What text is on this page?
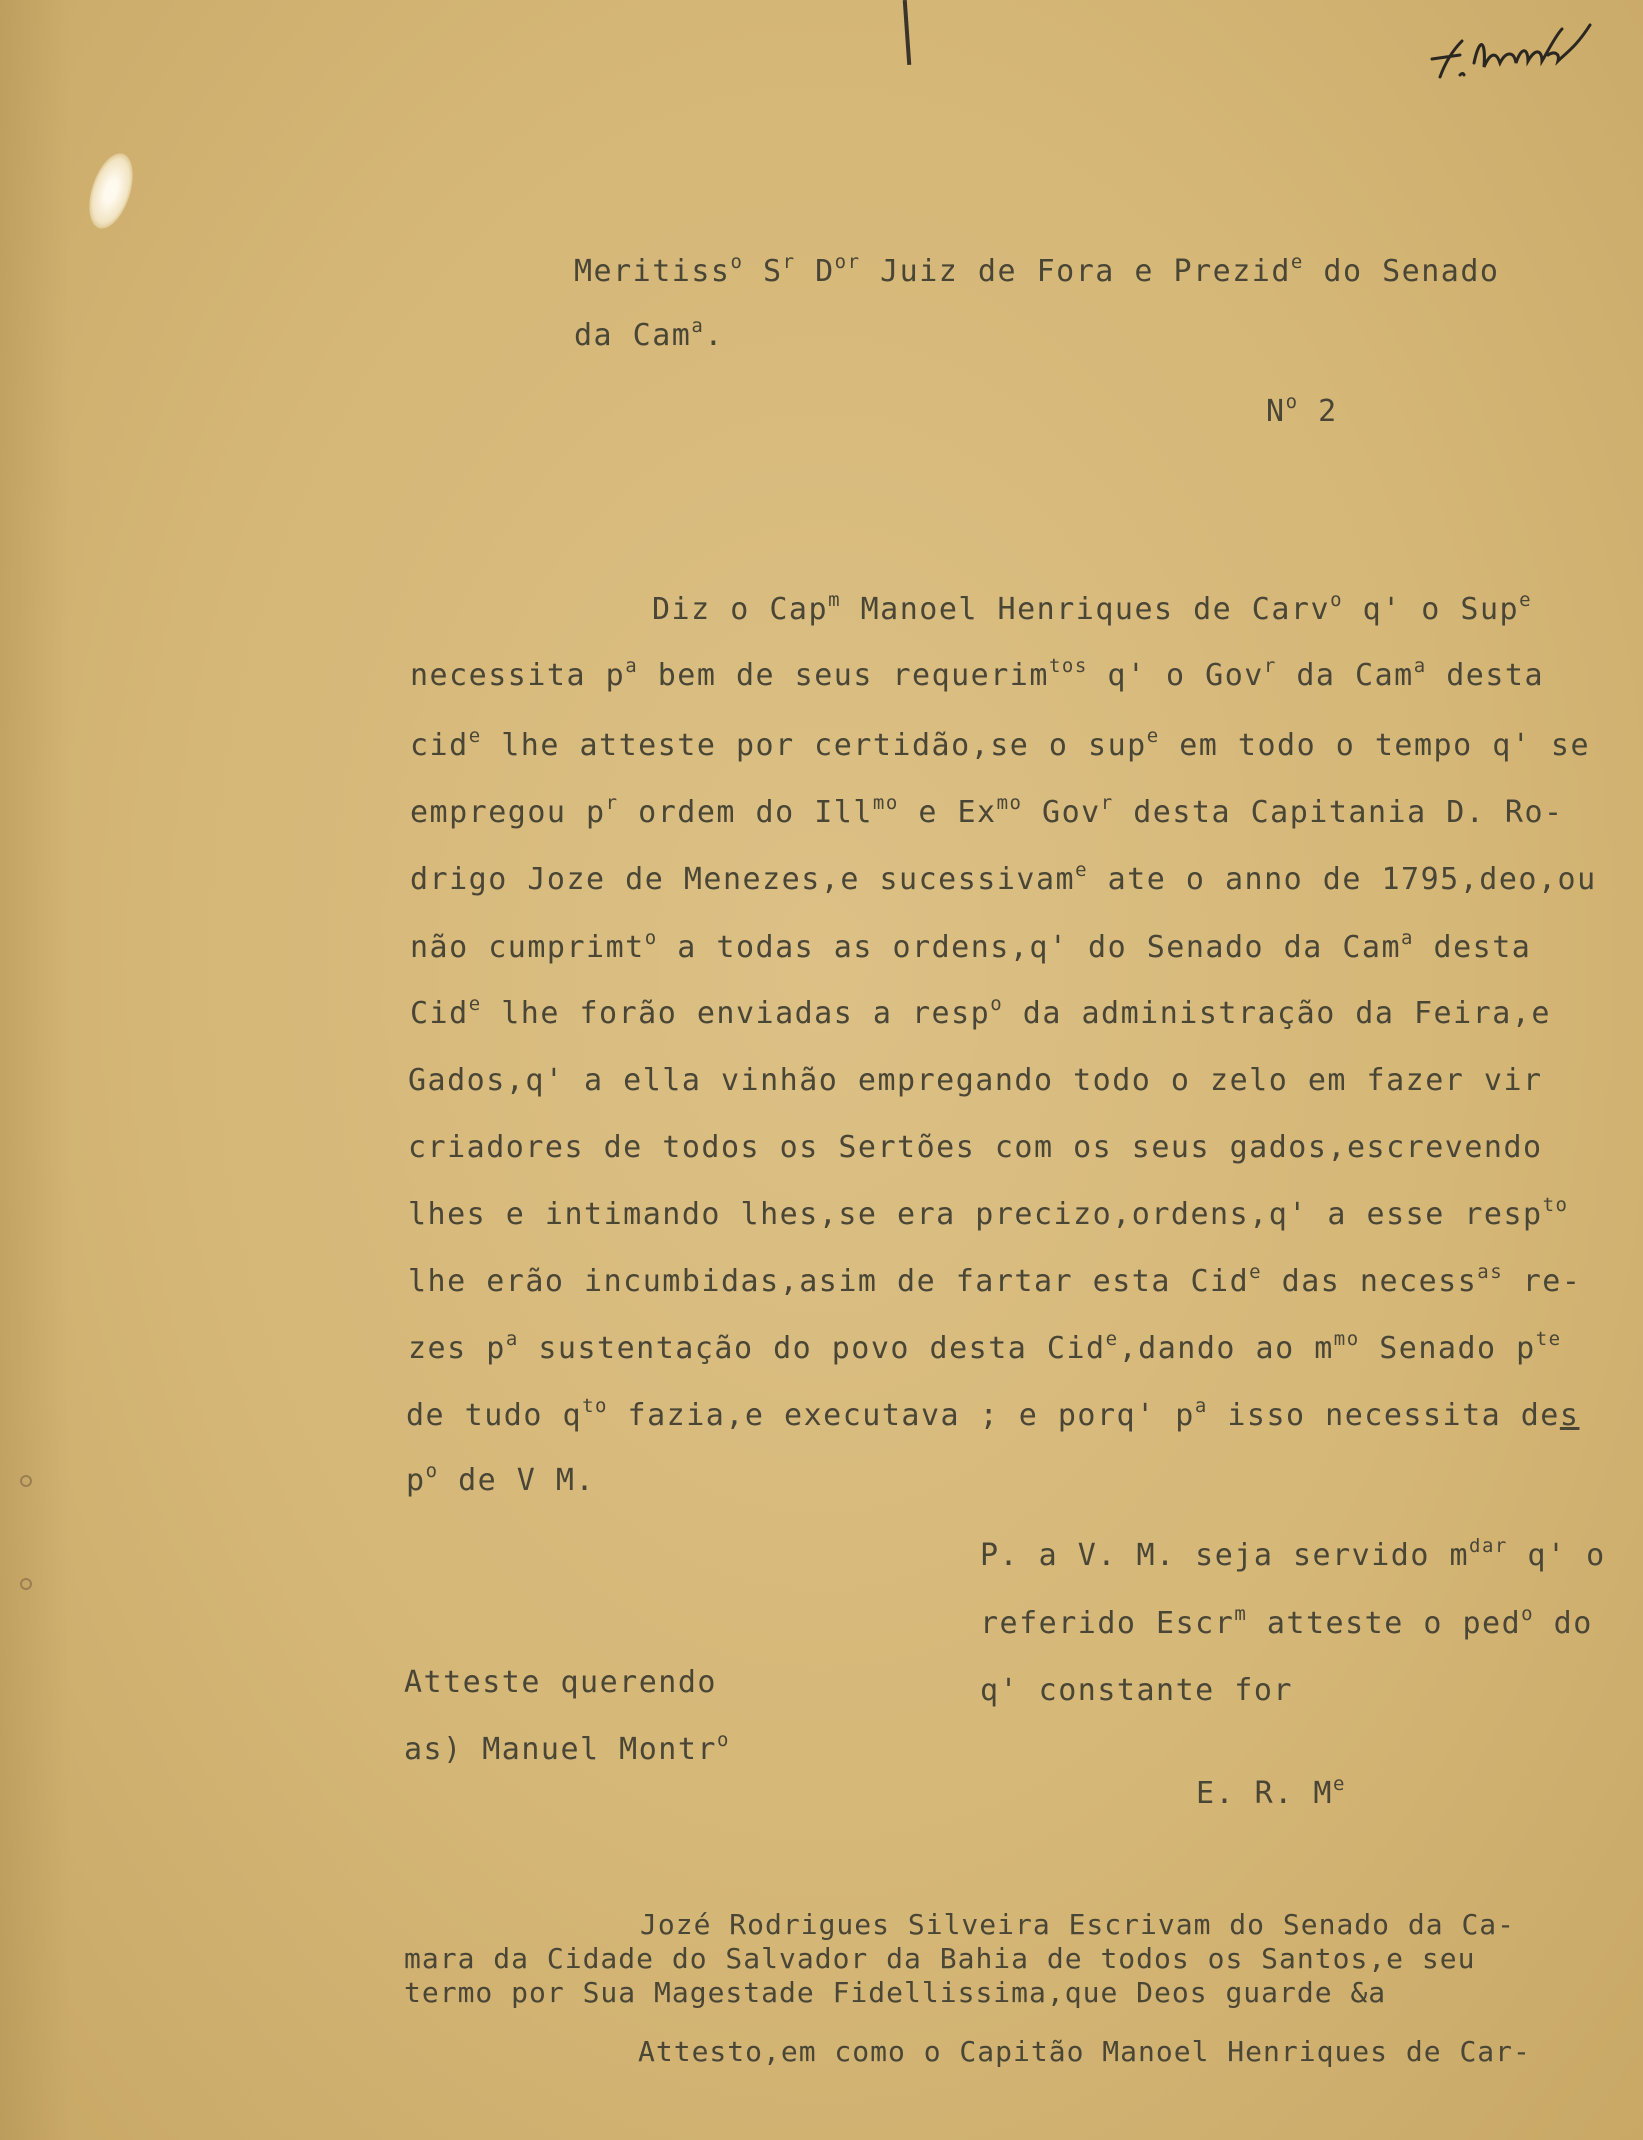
Meritiss$^o$ $S^r$ $D^{or}$ Juiz de Fora e Prezid$^e$ do Senado
da Cam$^a$.
$N^o$ 2
Diz o Cap$^m$ Manoel Henriques de Carv$^o$ q' o Sup$^e$
necessita $p^a$ bem de seus requerim$^{tos}$ q' o Gov$^r$ da Cam$^a$ desta
cid$^e$ lhe atteste por certidão,se o sup$^e$ em todo o tempo q' se
empregou $p^r$ ordem do Ill$^{mo}$ e $Ex^{mo}$ Gov$^r$ desta Capitania D. Ro-
drigo Joze de Menezes,e sucessivam$^e$ ate o anno de 1795,deo,ou
não cumprimt$^o$ a todas as ordens,q' do Senado da Cam$^a$ desta
Cid$^e$ lhe forão enviadas a resp$^o$ da administração da Feira,e
Gados,q' a ella vinhão empregando todo o zelo em fazer vir
criadores de todos os Sertões com os seus gados,escrevendo
lhes e intimando lhes,se era precizo,ordens,q' a esse resp$^{to}$
lhe erão incumbidas,asim de fartar esta Cid$^e$ das necess$^{as}$ re-
zes $p^a$ sustentação do povo desta Cid$^e$,dando ao $m^{mo}$ Senado $p^{te}$
de tudo $q^{to}$ fazia,e executava ; e porq' $p^a$ isso necessita des
$p^o$ de V M.
P. a V. M. seja servido $m^{dar}$ q' o
referido Escr$^m$ atteste o ped$^o$ do
q' constante for
E. R. Me
Atteste querendo
as) Manuel Montr$^o$
Jozé Rodrigues Silveira Escrivam do Senado da Ca-
mara da Cidade do Salvador da Bahia de todos os Santos,e seu
termo por Sua Magestade Fidellissima,que Deos guarde &a
Attesto,em como o Capitão Manoel Henriques de Car-
